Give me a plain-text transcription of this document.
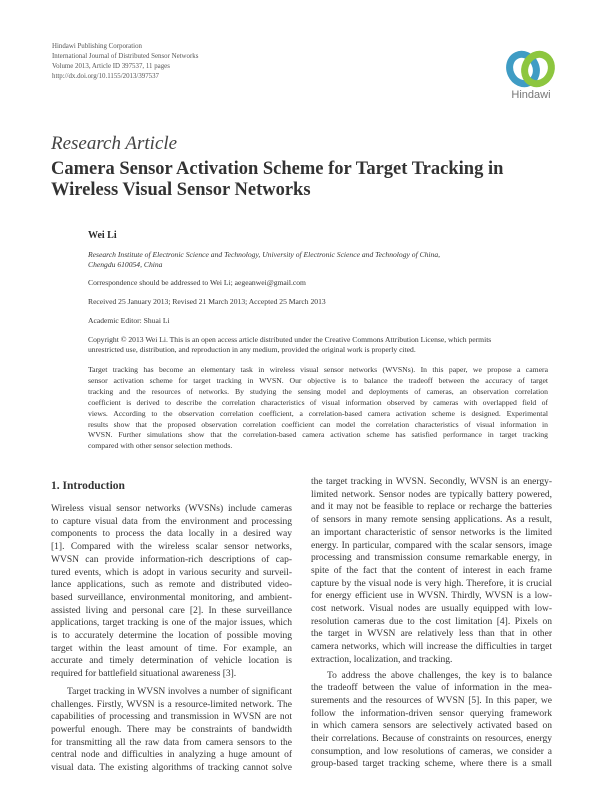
Hindawi Publishing Corporation
International Journal of Distributed Sensor Networks
Volume 2013, Article ID 397537, 11 pages
http://dx.doi.org/10.1155/2013/397537
Hindawi
Research Article
Camera Sensor Activation Scheme for Target Tracking in
Wireless Visual Sensor Networks
Wei Li
Research Institute of Electronic Science and Technology, University of Electronic Science and Technology of China,
Chengdu 610054, China
Correspondence should be addressed to Wei Li; aegeanwei@gmail.com
Received 25 January 2013; Revised 21 March 2013; Accepted 25 March 2013
Academic Editor: Shuai Li
Copyright © 2013 Wei Li. This is an open access article distributed under the Creative Commons Attribution License, which permits
unrestricted use, distribution, and reproduction in any medium, provided the original work is properly cited.
Target tracking has become an elementary task in wireless visual sensor networks (WVSNs). In this paper, we propose a camera
sensor activation scheme for target tracking in WVSN. Our objective is to balance the tradeoff between the accuracy of target
tracking and the resources of networks. By studying the sensing model and deployments of cameras, an observation correlation
coefficient is derived to describe the correlation characteristics of visual information observed by cameras with overlapped field of
views. According to the observation correlation coefficient, a correlation-based camera activation scheme is designed. Experimental
results show that the proposed observation correlation coefficient can model the correlation characteristics of visual information in
WVSN. Further simulations show that the correlation-based camera activation scheme has satisfied performance in target tracking
compared with other sensor selection methods.
1. Introduction
Wireless visual sensor networks (WVSNs) include cameras
to capture visual data from the environment and processing
components to process the data locally in a desired way
[1]. Compared with the wireless scalar sensor networks,
WVSN can provide information-rich descriptions of cap-
tured events, which is adopt in various security and surveil-
lance applications, such as remote and distributed video-
based surveillance, environmental monitoring, and ambient-
assisted living and personal care [2]. In these surveillance
applications, target tracking is one of the major issues, which
is to accurately determine the location of possible moving
target within the least amount of time. For example, an
accurate and timely determination of vehicle location is
required for battlefield situational awareness [3].
Target tracking in WVSN involves a number of significant
challenges. Firstly, WVSN is a resource-limited network. The
capabilities of processing and transmission in WVSN are not
powerful enough. There may be constraints of bandwidth
for transmitting all the raw data from camera sensors to the
central node and difficulties in analyzing a huge amount of
visual data. The existing algorithms of tracking cannot solve
the target tracking in WVSN. Secondly, WVSN is an energy-
limited network. Sensor nodes are typically battery powered,
and it may not be feasible to replace or recharge the batteries
of sensors in many remote sensing applications. As a result,
an important characteristic of sensor networks is the limited
energy. In particular, compared with the scalar sensors, image
processing and transmission consume remarkable energy, in
spite of the fact that the content of interest in each frame
capture by the visual node is very high. Therefore, it is crucial
for energy efficient use in WVSN. Thirdly, WVSN is a low-
cost network. Visual nodes are usually equipped with low-
resolution cameras due to the cost limitation [4]. Pixels on
the target in WVSN are relatively less than that in other
camera networks, which will increase the difficulties in target
extraction, localization, and tracking.
To address the above challenges, the key is to balance
the tradeoff between the value of information in the mea-
surements and the resources of WVSN [5]. In this paper, we
follow the information-driven sensor querying framework
in which camera sensors are selectively activated based on
their correlations. Because of constraints on resources, energy
consumption, and low resolutions of cameras, we consider a
group-based target tracking scheme, where there is a small
